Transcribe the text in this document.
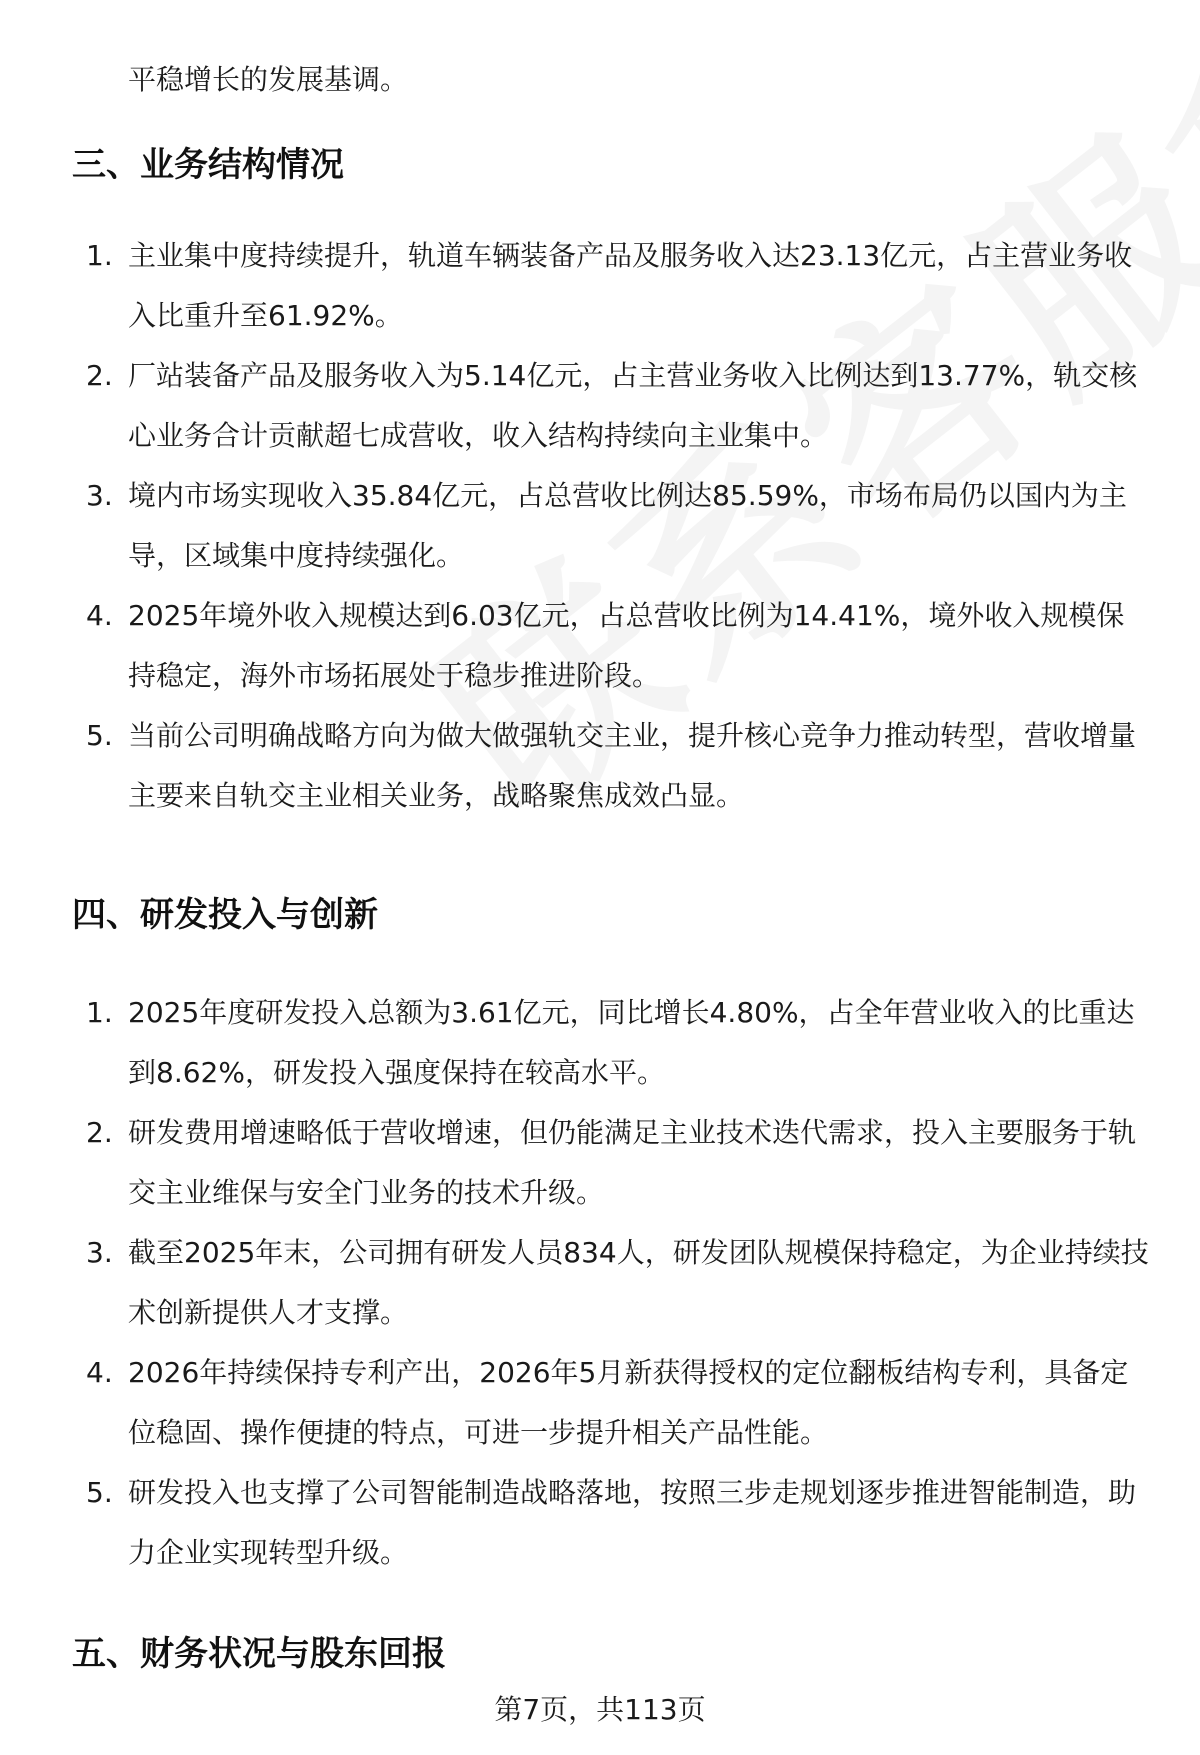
平稳增长的发展基调。

三、业务结构情况
1. 主业集中度持续提升，轨道车辆装备产品及服务收入达23.13亿元，占主营业务收入比重升至61.92%。
2. 厂站装备产品及服务收入为5.14亿元，占主营业务收入比例达到13.77%，轨交核心业务合计贡献超七成营收，收入结构持续向主业集中。
3. 境内市场实现收入35.84亿元，占总营收比例达85.59%，市场布局仍以国内为主导，区域集中度持续强化。
4. 2025年境外收入规模达到6.03亿元，占总营收比例为14.41%，境外收入规模保持稳定，海外市场拓展处于稳步推进阶段。
5. 当前公司明确战略方向为做大做强轨交主业，提升核心竞争力推动转型，营收增量主要来自轨交主业相关业务，战略聚焦成效凸显。
四、研发投入与创新
1. 2025年度研发投入总额为3.61亿元，同比增长4.80%，占全年营业收入的比重达到8.62%，研发投入强度保持在较高水平。
2. 研发费用增速略低于营收增速，但仍能满足主业技术迭代需求，投入主要服务于轨交主业维保与安全门业务的技术升级。
3. 截至2025年末，公司拥有研发人员834人，研发团队规模保持稳定，为企业持续技术创新提供人才支撑。
4. 2026年持续保持专利产出，2026年5月新获得授权的定位翻板结构专利，具备定位稳固、操作便捷的特点，可进一步提升相关产品性能。
5. 研发投入也支撑了公司智能制造战略落地，按照三步走规划逐步推进智能制造，助力企业实现转型升级。
五、财务状况与股东回报
第7页，共113页
